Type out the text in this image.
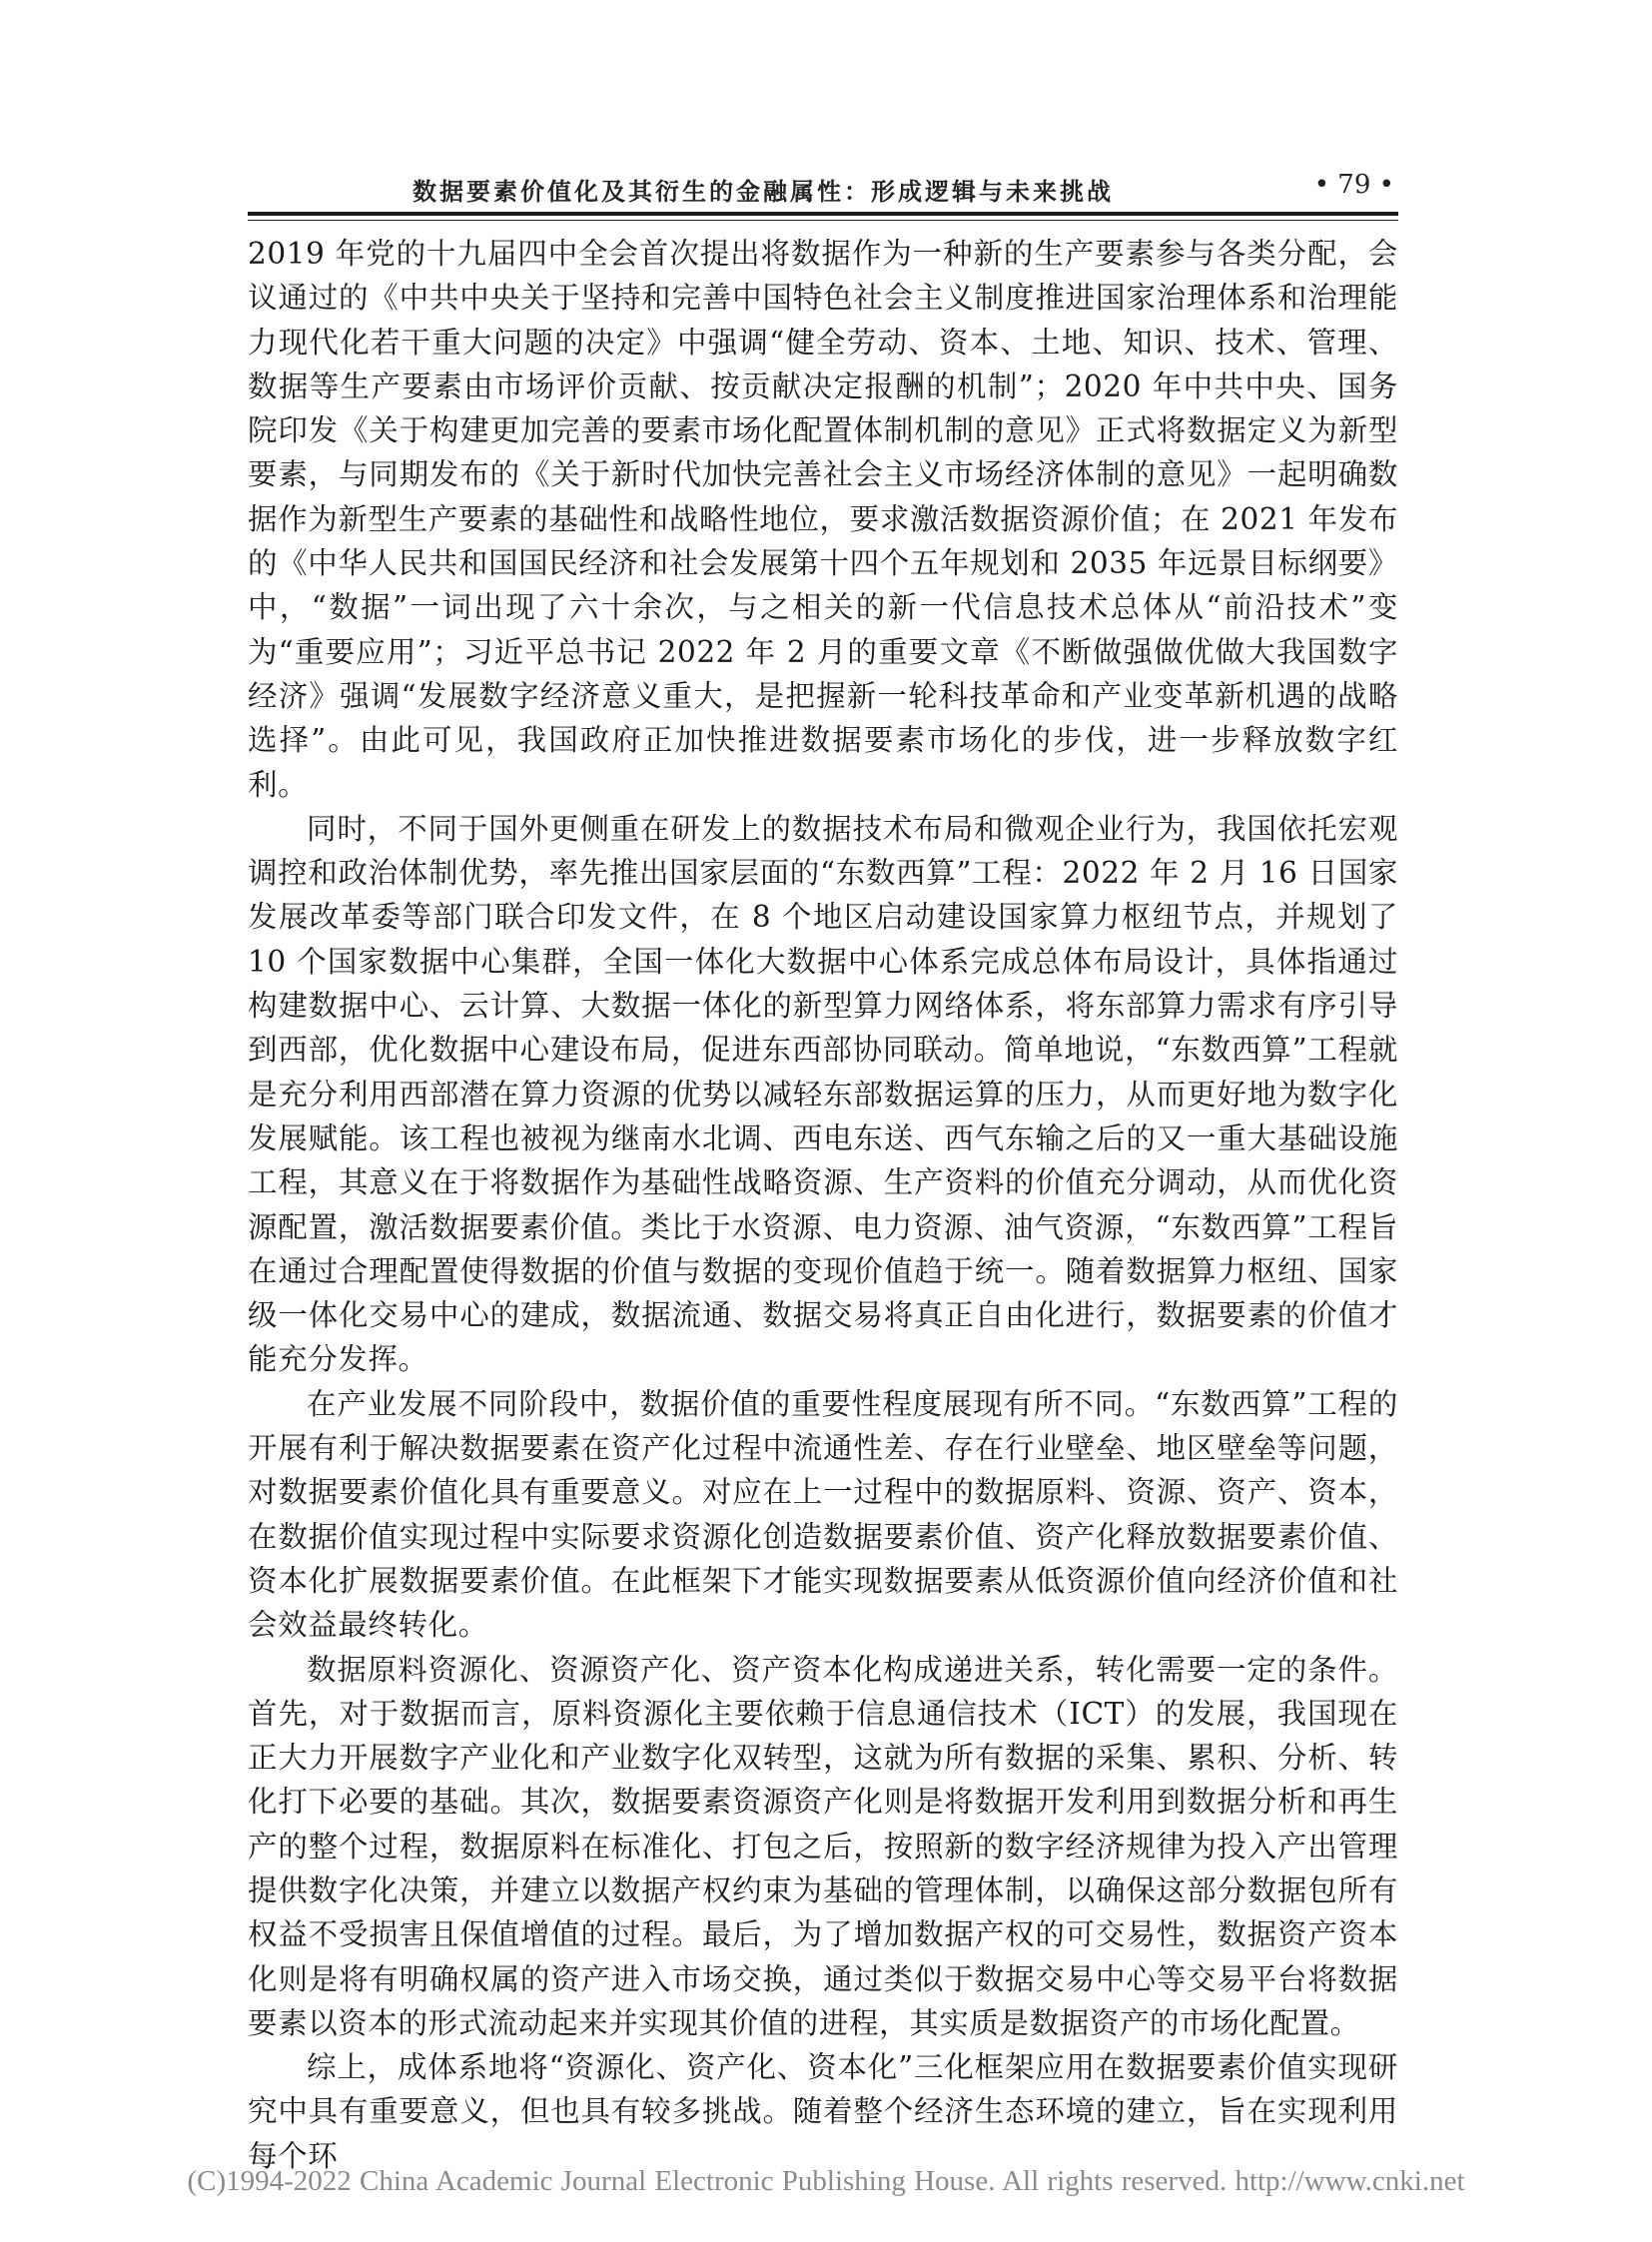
数据要素价值化及其衍生的金融属性：形成逻辑与未来挑战	• 79 •

2019 年党的十九届四中全会首次提出将数据作为一种新的生产要素参与各类分配，会议通过的《中共中央关于坚持和完善中国特色社会主义制度推进国家治理体系和治理能力现代化若干重大问题的决定》中强调“健全劳动、资本、土地、知识、技术、管理、数据等生产要素由市场评价贡献、按贡献决定报酬的机制”；2020 年中共中央、国务院印发《关于构建更加完善的要素市场化配置体制机制的意见》正式将数据定义为新型要素，与同期发布的《关于新时代加快完善社会主义市场经济体制的意见》一起明确数据作为新型生产要素的基础性和战略性地位，要求激活数据资源价值；在 2021 年发布的《中华人民共和国国民经济和社会发展第十四个五年规划和 2035 年远景目标纲要》中，“数据”一词出现了六十余次，与之相关的新一代信息技术总体从“前沿技术”变为“重要应用”；习近平总书记 2022 年 2 月的重要文章《不断做强做优做大我国数字经济》强调“发展数字经济意义重大，是把握新一轮科技革命和产业变革新机遇的战略选择”。由此可见，我国政府正加快推进数据要素市场化的步伐，进一步释放数字红利。

同时，不同于国外更侧重在研发上的数据技术布局和微观企业行为，我国依托宏观调控和政治体制优势，率先推出国家层面的“东数西算”工程：2022 年 2 月 16 日国家发展改革委等部门联合印发文件，在 8 个地区启动建设国家算力枢纽节点，并规划了 10 个国家数据中心集群，全国一体化大数据中心体系完成总体布局设计，具体指通过构建数据中心、云计算、大数据一体化的新型算力网络体系，将东部算力需求有序引导到西部，优化数据中心建设布局，促进东西部协同联动。简单地说，“东数西算”工程就是充分利用西部潜在算力资源的优势以减轻东部数据运算的压力，从而更好地为数字化发展赋能。该工程也被视为继南水北调、西电东送、西气东输之后的又一重大基础设施工程，其意义在于将数据作为基础性战略资源、生产资料的价值充分调动，从而优化资源配置，激活数据要素价值。类比于水资源、电力资源、油气资源，“东数西算”工程旨在通过合理配置使得数据的价值与数据的变现价值趋于统一。随着数据算力枢纽、国家级一体化交易中心的建成，数据流通、数据交易将真正自由化进行，数据要素的价值才能充分发挥。

在产业发展不同阶段中，数据价值的重要性程度展现有所不同。“东数西算”工程的开展有利于解决数据要素在资产化过程中流通性差、存在行业壁垒、地区壁垒等问题，对数据要素价值化具有重要意义。对应在上一过程中的数据原料、资源、资产、资本，在数据价值实现过程中实际要求资源化创造数据要素价值、资产化释放数据要素价值、资本化扩展数据要素价值。在此框架下才能实现数据要素从低资源价值向经济价值和社会效益最终转化。

数据原料资源化、资源资产化、资产资本化构成递进关系，转化需要一定的条件。首先，对于数据而言，原料资源化主要依赖于信息通信技术（ICT）的发展，我国现在正大力开展数字产业化和产业数字化双转型，这就为所有数据的采集、累积、分析、转化打下必要的基础。其次，数据要素资源资产化则是将数据开发利用到数据分析和再生产的整个过程，数据原料在标准化、打包之后，按照新的数字经济规律为投入产出管理提供数字化决策，并建立以数据产权约束为基础的管理体制，以确保这部分数据包所有权益不受损害且保值增值的过程。最后，为了增加数据产权的可交易性，数据资产资本化则是将有明确权属的资产进入市场交换，通过类似于数据交易中心等交易平台将数据要素以资本的形式流动起来并实现其价值的进程，其实质是数据资产的市场化配置。

综上，成体系地将“资源化、资产化、资本化”三化框架应用在数据要素价值实现研究中具有重要意义，但也具有较多挑战。随着整个经济生态环境的建立，旨在实现利用每个环

(C)1994-2022 China Academic Journal Electronic Publishing House. All rights reserved. http://www.cnki.net
